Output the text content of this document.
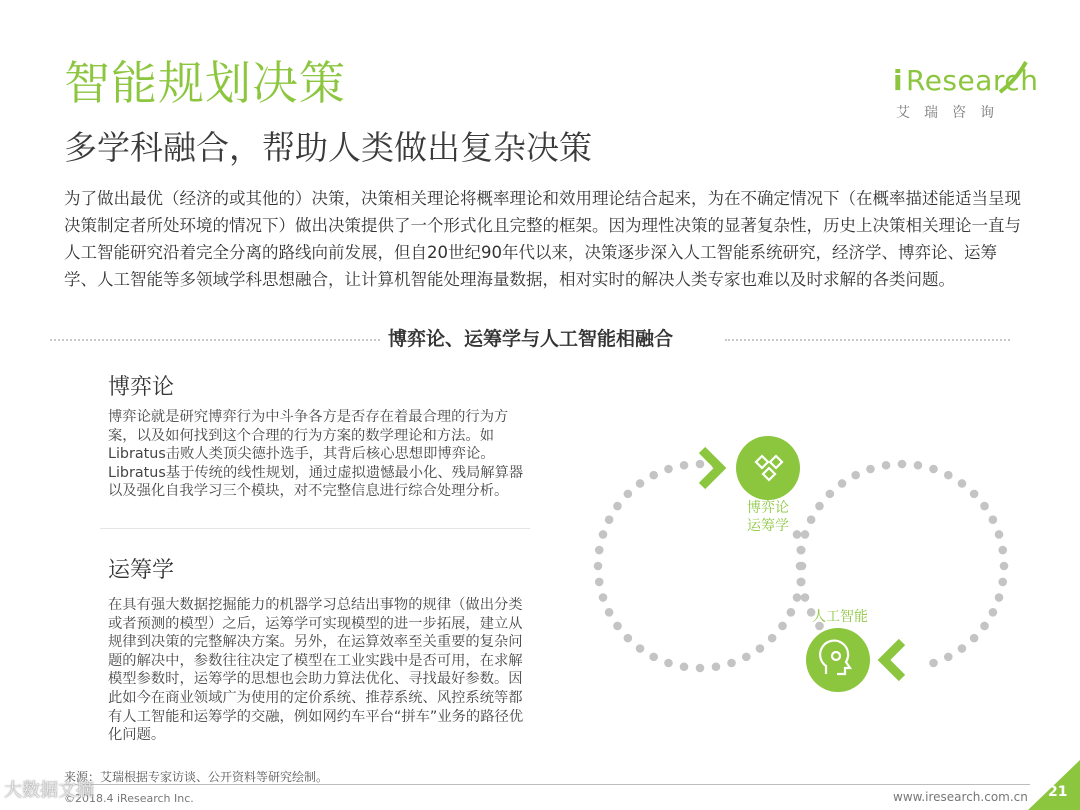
智能规划决策
多学科融合，帮助人类做出复杂决策
i Research
艾瑞咨询
为了做出最优（经济的或其他的）决策，决策相关理论将概率理论和效用理论结合起来，为在不确定情况下（在概率描述能适当呈现决策制定者所处环境的情况下）做出决策提供了一个形式化且完整的框架。因为理性决策的显著复杂性，历史上决策相关理论一直与人工智能研究沿着完全分离的路线向前发展，但自20世纪90年代以来，决策逐步深入人工智能系统研究，经济学、博弈论、运筹学、人工智能等多领域学科思想融合，让计算机智能处理海量数据，相对实时的解决人类专家也难以及时求解的各类问题。
博弈论、运筹学与人工智能相融合
博弈论
博弈论就是研究博弈行为中斗争各方是否存在着最合理的行为方案，以及如何找到这个合理的行为方案的数学理论和方法。如Libratus击败人类顶尖德扑选手，其背后核心思想即博弈论。Libratus基于传统的线性规划，通过虚拟遗憾最小化、残局解算器以及强化自我学习三个模块，对不完整信息进行综合处理分析。
运筹学
在具有强大数据挖掘能力的机器学习总结出事物的规律（做出分类或者预测的模型）之后，运筹学可实现模型的进一步拓展，建立从规律到决策的完整解决方案。另外，在运算效率至关重要的复杂问题的解决中，参数往往决定了模型在工业实践中是否可用，在求解模型参数时，运筹学的思想也会助力算法优化、寻找最好参数。因此如今在商业领域广为使用的定价系统、推荐系统、风控系统等都有人工智能和运筹学的交融，例如网约车平台“拼车”业务的路径优化问题。
博弈论
运筹学
人工智能
来源：艾瑞根据专家访谈、公开资料等研究绘制。
©2018.4 iResearch Inc.	www.iresearch.com.cn 21
大数据文摘
